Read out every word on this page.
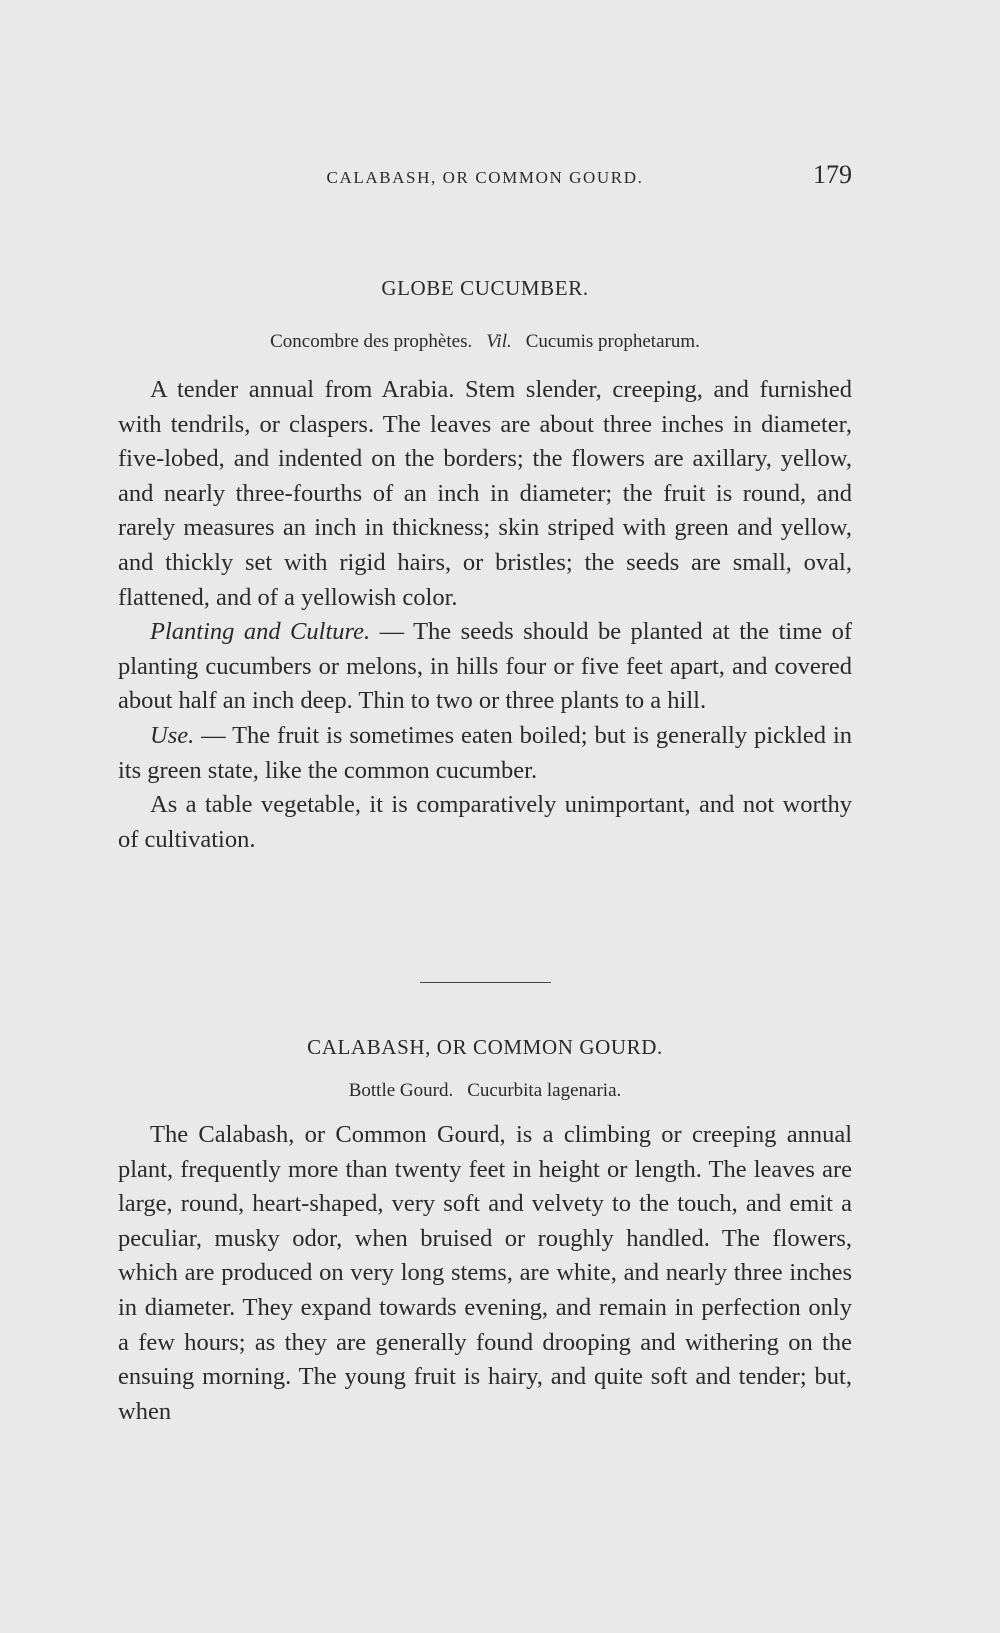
CALABASH, OR COMMON GOURD.	179
GLOBE CUCUMBER.
Concombre des prophètes. Vil. Cucumis prophetarum.

A tender annual from Arabia. Stem slender, creeping, and furnished with tendrils, or claspers. The leaves are about three inches in diameter, five-lobed, and indented on the borders; the flowers are axillary, yellow, and nearly three-fourths of an inch in diameter; the fruit is round, and rarely measures an inch in thickness; skin striped with green and yellow, and thickly set with rigid hairs, or bristles; the seeds are small, oval, flattened, and of a yellowish color.

Planting and Culture. — The seeds should be planted at the time of planting cucumbers or melons, in hills four or five feet apart, and covered about half an inch deep. Thin to two or three plants to a hill.

Use. — The fruit is sometimes eaten boiled; but is generally pickled in its green state, like the common cucumber.

As a table vegetable, it is comparatively unimportant, and not worthy of cultivation.

CALABASH, OR COMMON GOURD.
Bottle Gourd. Cucurbita lagenaria.

The Calabash, or Common Gourd, is a climbing or creeping annual plant, frequently more than twenty feet in height or length. The leaves are large, round, heart-shaped, very soft and velvety to the touch, and emit a peculiar, musky odor, when bruised or roughly handled. The flowers, which are produced on very long stems, are white, and nearly three inches in diameter. They expand towards evening, and remain in perfection only a few hours; as they are generally found drooping and withering on the ensuing morning. The young fruit is hairy, and quite soft and tender; but, when
